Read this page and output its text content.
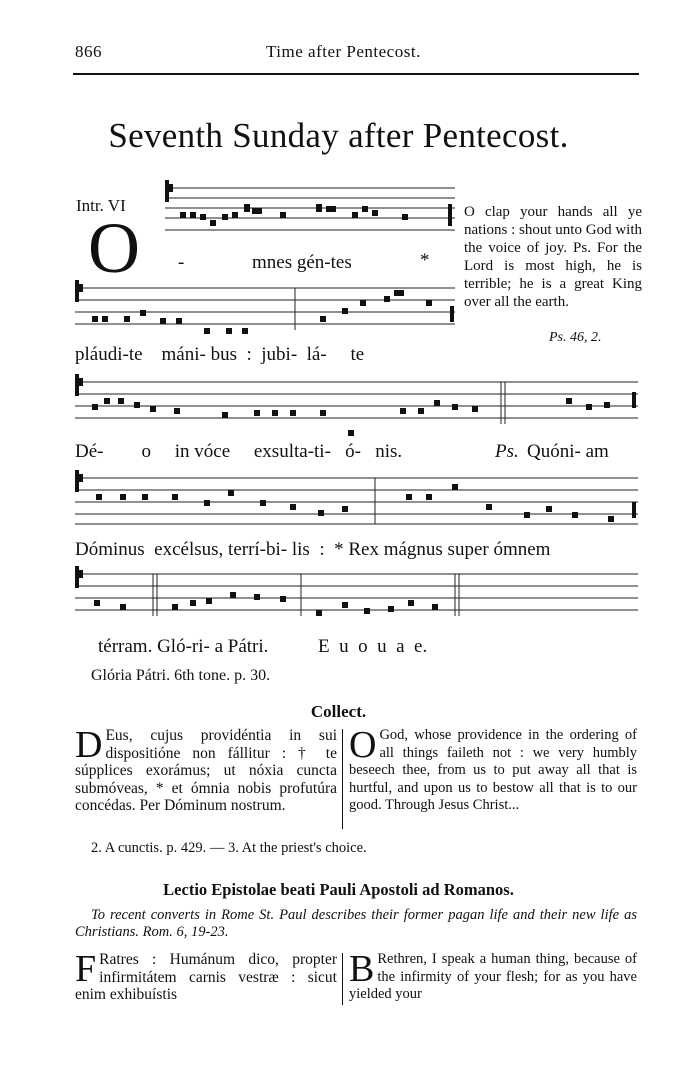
866	Time after Pentecost.
Seventh Sunday after Pentecost.
Intr. VI
O -	mnes gén-tes	*
pláudi-te    máni- bus  :  jubi-  lá-     te
Dé-        o     in vóce     exsulta-ti-   ó-   nis.	Ps. Quóni- am
Dóminus  excélsus, terrí-bi- lis  :  * Rex mágnus super ómnem
térram. Gló-ri- a Pátri.	E  u  o  u  a  e.
O clap your hands all ye nations : shout unto God with the voice of joy. Ps. For the Lord is most high, he is terrible; he is a great King over all the earth.
Ps. 46, 2.
Glória Pátri. 6th tone. p. 30.
Collect.
D Eus, cujus providéntia in sui dispositióne non fállitur : † te súpplices exorámus; ut nóxia cuncta submóveas, * et ómnia nobis profutúra concédas. Per Dóminum nostrum.
O God, whose providence in the ordering of all things faileth not : we very humbly beseech thee, from us to put away all that is hurtful, and upon us to bestow all that is to our good. Through Jesus Christ...
2. A cunctis. p. 429. — 3. At the priest's choice.
Lectio Epistolae beati Pauli Apostoli ad Romanos.
To recent converts in Rome St. Paul describes their former pagan life and their new life as Christians. Rom. 6, 19-23.
F Ratres : Humánum dico, propter infirmitátem carnis vestræ : sicut enim exhibuístis
B Rethren, I speak a human thing, because of the infirmity of your flesh; for as you have yielded your
